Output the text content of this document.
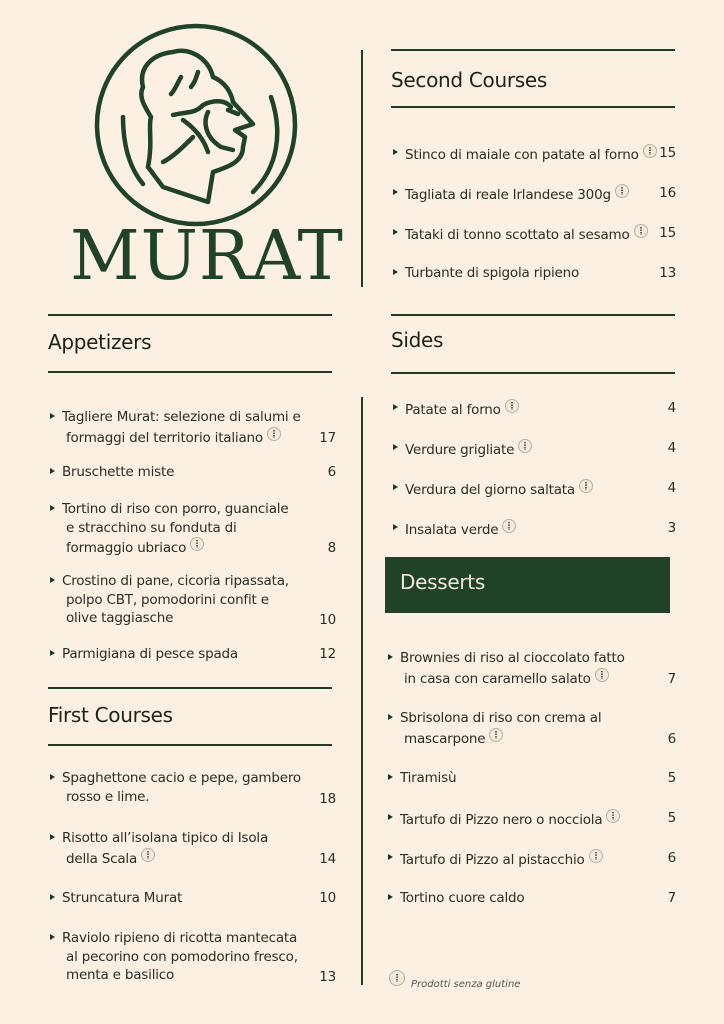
MURAT
Appetizers
Tagliere Murat: selezione di salumi e
formaggi del territorio italiano	17
Bruschette miste	6
Tortino di riso con porro, guanciale
e stracchino su fonduta di
formaggio ubriaco	8
Crostino di pane, cicoria ripassata,
polpo CBT, pomodorini confit e
olive taggiasche	10
Parmigiana di pesce spada	12
Spaghettone cacio e pepe, gambero
rosso e lime.	18
Risotto all’isolana tipico di Isola
della Scala	14
Struncatura Murat	10
Raviolo ripieno di ricotta mantecata
al pecorino con pomodorino fresco,
menta e basilico	13
Stinco di maiale con patate al forno	15
Tagliata di reale Irlandese 300g	16
Tataki di tonno scottato al sesamo	15
Turbante di spigola ripieno	13
Patate al forno	4
Verdure grigliate	4
Verdura del giorno saltata	4
Insalata verde	3
Brownies di riso al cioccolato fatto
in casa con caramello salato	7
Sbrisolona di riso con crema al
mascarpone	6
Tiramisù	5
Tartufo di Pizzo nero o nocciola	5
Tartufo di Pizzo al pistacchio	6
Tortino cuore caldo	7
Second Courses
Sides
First Courses
Desserts
Prodotti senza glutine
